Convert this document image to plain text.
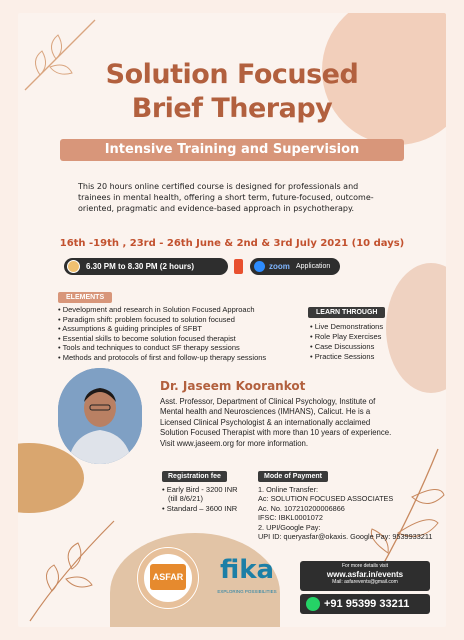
Solution Focused
Brief Therapy
Intensive Training and Supervision
This 20 hours online certified course is designed for professionals and trainees in mental health, offering a short term, future-focused, outcome-oriented, pragmatic and evidence-based approach in psychotherapy.
16th -19th , 23rd - 26th June & 2nd & 3rd July 2021 (10 days)
6.30 PM to 8.30 PM (2 hours)	zoom Application
ELEMENTS
• Development and research in Solution Focused Approach
• Paradigm shift: problem focused to solution focused
• Assumptions & guiding principles of SFBT
• Essential skills to become solution focused therapist
• Tools and techniques to conduct SF therapy sessions
• Methods and protocols of first and follow-up therapy sessions
LEARN THROUGH
• Live Demonstrations
• Role Play Exercises
• Case Discussions
• Practice Sessions
Dr. Jaseem Koorankot
Asst. Professor, Department of Clinical Psychology, Institute of Mental health and Neurosciences (IMHANS), Calicut. He is a Licensed Clinical Psychologist & an internationally acclaimed Solution Focused Therapist with more than 10 years of experience. Visit www.jaseem.org for more information.
Registration fee
• Early Bird - 3200 INR
(till 8/6/21)
• Standard – 3600 INR
Mode of Payment
1. Online Transfer:
Ac: SOLUTION FOCUSED ASSOCIATES
Ac. No. 107210200006866
IFSC: IBKL0001072
2. UPI/Google Pay:
UPI ID: queryasfar@okaxis. Google Pay: 9539933211
ASFAR fika
EXPLORING POSSIBILITIES
For more details visit
www.asfar.in/events
Mail: asfarevents@gmail.com
+91 95399 33211
